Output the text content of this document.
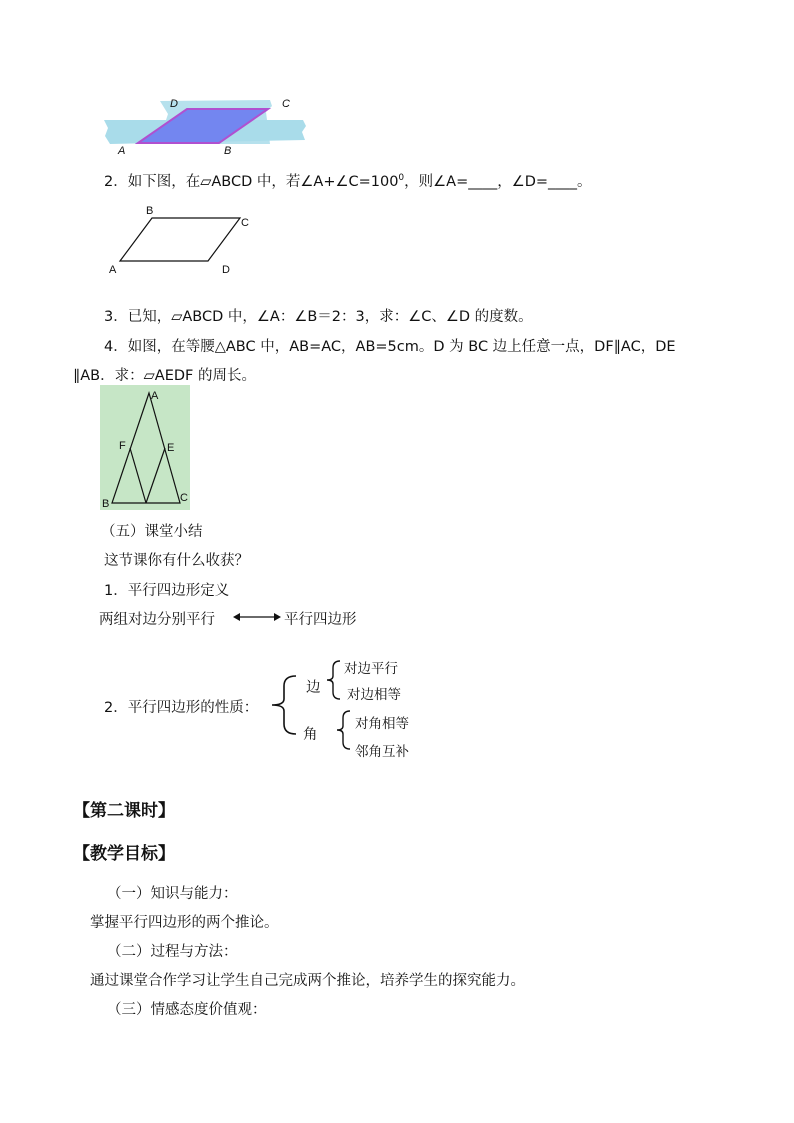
D	C
A	B
2．如下图，在▱ABCD 中，若$\angle A+\angle C=100^0$，则∠A=____，∠D=____。
B
C
A	D
3．已知，▱ABCD 中，∠A：∠B＝2：3，求：∠C、∠D 的度数。
4．如图，在等腰△ABC 中，AB=AC，AB=5cm。D 为 BC 边上任意一点，DF∥AC，DE
∥AB．求：▱AEDF 的周长。
A
F	E
B	C
（五）课堂小结
这节课你有什么收获？
1．平行四边形定义
两组对边分别平行	平行四边形
2．平行四边形的性质：
边
对边平行
对边相等
角
对角相等
邻角互补
【第二课时】
【教学目标】
（一）知识与能力：
掌握平行四边形的两个推论。
（二）过程与方法：
通过课堂合作学习让学生自己完成两个推论，培养学生的探究能力。
（三）情感态度价值观：
